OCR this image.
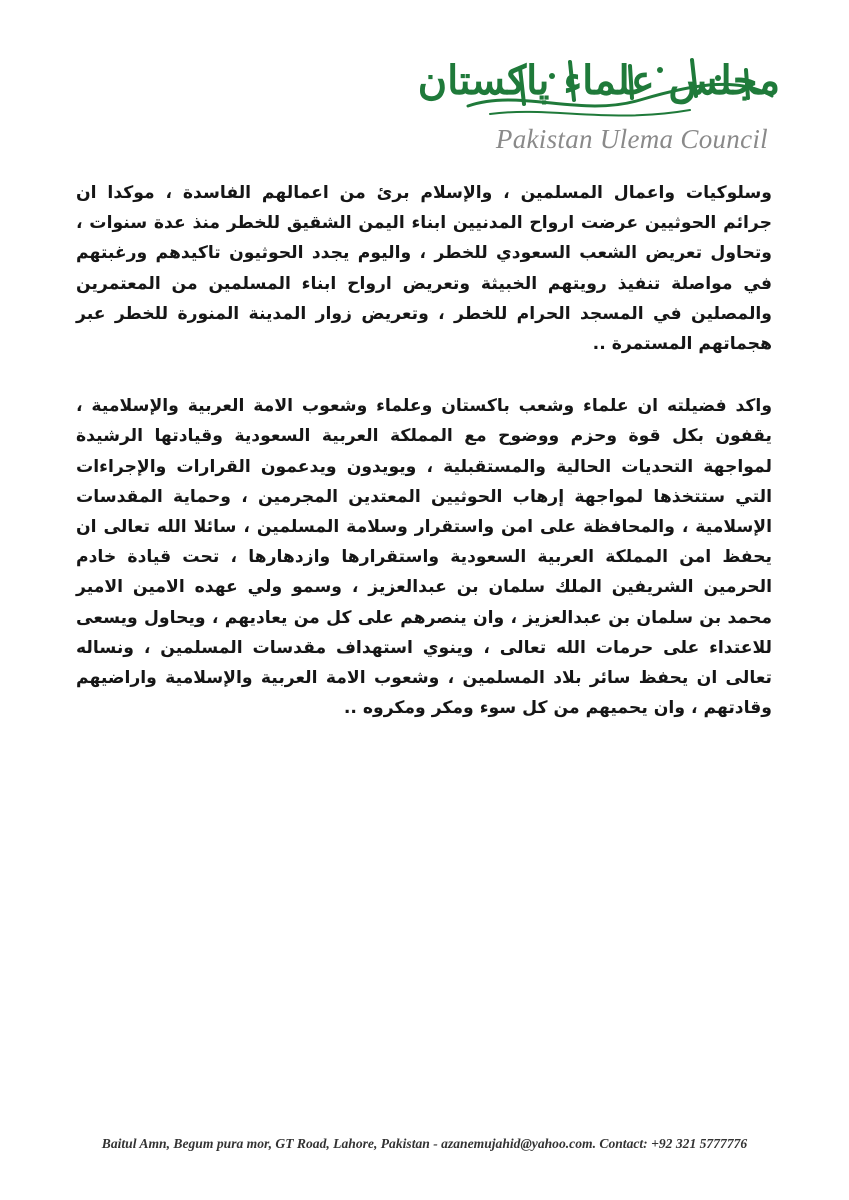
مجلس علماء پاکستان
Pakistan Ulema Council

وسلوكيات واعمال المسلمين ، والإسلام برئ من اعمالهم الفاسدة ، موكدا ان جرائم الحوثيين عرضت ارواح المدنيين ابناء اليمن الشقيق للخطر منذ عدة سنوات ، وتحاول تعريض الشعب السعودي للخطر ، واليوم يجدد الحوثيون تاكيدهم ورغبتهم في مواصلة تنفيذ رويتهم الخبيثة وتعريض ارواح ابناء المسلمين من المعتمرين والمصلين في المسجد الحرام للخطر ، وتعريض زوار المدينة المنورة للخطر عبر هجماتهم المستمرة ..

واكد فضيلته ان علماء وشعب باكستان وعلماء وشعوب الامة العربية والإسلامية ، يقفون بكل قوة وحزم ووضوح مع المملكة العربية السعودية وقيادتها الرشيدة لمواجهة التحديات الحالية والمستقبلية ، ويويدون ويدعمون القرارات والإجراءات التي ستتخذها لمواجهة إرهاب الحوثيين المعتدين المجرمين ، وحماية المقدسات الإسلامية ، والمحافظة على امن واستقرار وسلامة المسلمين ، سائلا الله تعالى ان يحفظ امن المملكة العربية السعودية واستقرارها وازدهارها ، تحت قيادة خادم الحرمين الشريفين الملك سلمان بن عبدالعزيز ، وسمو ولي عهده الامين الامير محمد بن سلمان بن عبدالعزيز ، وان ينصرهم على كل من يعاديهم ، ويحاول ويسعى للاعتداء على حرمات الله تعالى ، وينوي استهداف مقدسات المسلمين ، ونساله تعالى ان يحفظ سائر بلاد المسلمين ، وشعوب الامة العربية والإسلامية واراضيهم وقادتهم ، وان يحميهم من كل سوء ومكر ومكروه ..

Baitul Amn, Begum pura mor, GT Road, Lahore, Pakistan - azanemujahid@yahoo.com. Contact: +92 321 5777776
